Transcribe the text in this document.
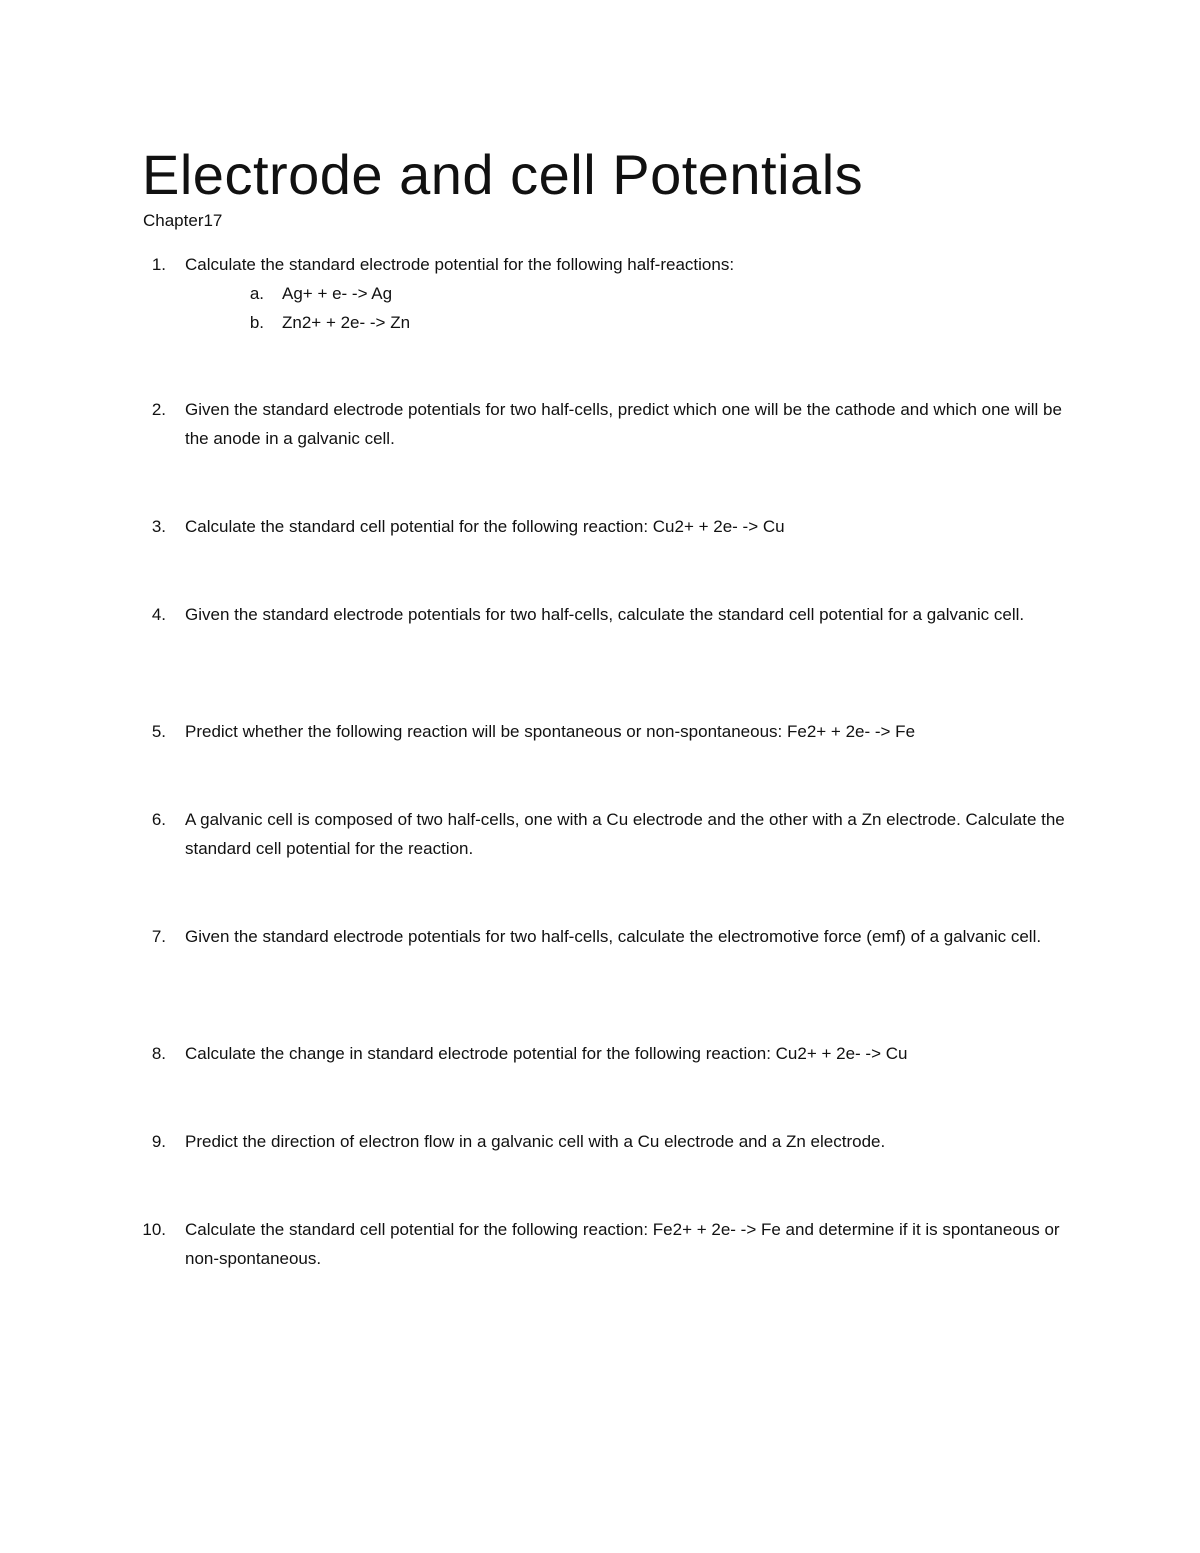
Electrode and cell Potentials

Chapter17

1. Calculate the standard electrode potential for the following half-reactions:

a. Ag+ + e- -> Ag
b. Zn2+ + 2e- -> Zn
2. Given the standard electrode potentials for two half-cells, predict which one will be the cathode and which one will be the anode in a galvanic cell.

3. Calculate the standard cell potential for the following reaction: Cu2+ + 2e- -> Cu

4. Given the standard electrode potentials for two half-cells, calculate the standard cell potential for a galvanic cell.

5. Predict whether the following reaction will be spontaneous or non-spontaneous: Fe2+ + 2e- -> Fe

6. A galvanic cell is composed of two half-cells, one with a Cu electrode and the other with a Zn electrode. Calculate the standard cell potential for the reaction.

7. Given the standard electrode potentials for two half-cells, calculate the electromotive force (emf) of a galvanic cell.

8. Calculate the change in standard electrode potential for the following reaction: Cu2+ + 2e- -> Cu

9. Predict the direction of electron flow in a galvanic cell with a Cu electrode and a Zn electrode.

10. Calculate the standard cell potential for the following reaction: Fe2+ + 2e- -> Fe and determine if it is spontaneous or non-spontaneous.
